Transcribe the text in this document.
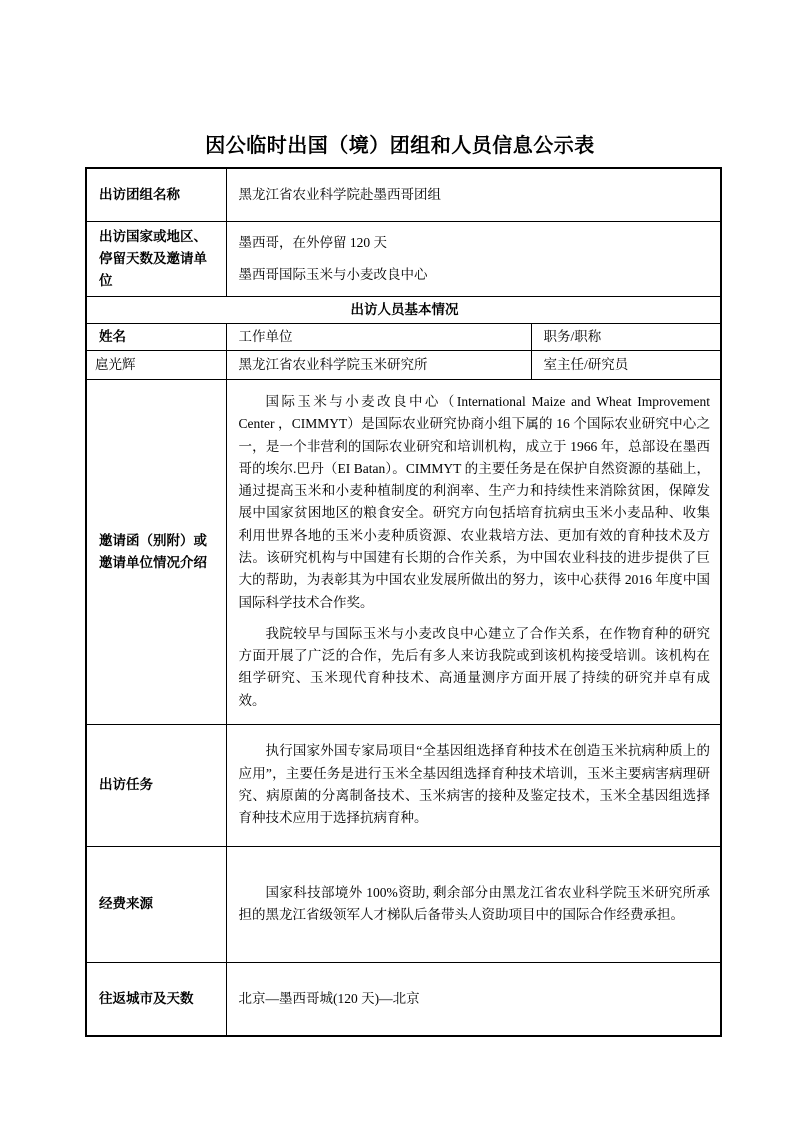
因公临时出国（境）团组和人员信息公示表
出访团组名称	黑龙江省农业科学院赴墨西哥团组	
出访国家或地区、停留天数及邀请单位	墨西哥，在外停留 120 天
墨西哥国际玉米与小麦改良中心	

出访人员基本情况		
姓名	工作单位	职务/职称
扈光辉	黑龙江省农业科学院玉米研究所	室主任/研究员
邀请函（别附）或邀请单位情况介绍	国际玉米与小麦改良中心（International Maize and Wheat Improvement Center ，CIMMYT）是国际农业研究协商小组下属的 16 个国际农业研究中心之一，是一个非营利的国际农业研究和培训机构，成立于 1966 年，总部设在墨西哥的埃尔.巴丹（EI Batan）。CIMMYT 的主要任务是在保护自然资源的基础上，通过提高玉米和小麦种植制度的利润率、生产力和持续性来消除贫困，保障发展中国家贫困地区的粮食安全。研究方向包括培育抗病虫玉米小麦品种、收集利用世界各地的玉米小麦种质资源、农业栽培方法、更加有效的育种技术及方法。该研究机构与中国建有长期的合作关系，为中国农业科技的进步提供了巨大的帮助，为表彰其为中国农业发展所做出的努力，该中心获得 2016 年度中国国际科学技术合作奖。

我院较早与国际玉米与小麦改良中心建立了合作关系，在作物育种的研究方面开展了广泛的合作，先后有多人来访我院或到该机构接受培训。该机构在组学研究、玉米现代育种技术、高通量测序方面开展了持续的研究并卓有成效。	

出访任务	执行国家外国专家局项目“全基因组选择育种技术在创造玉米抗病种质上的应用”，主要任务是进行玉米全基因组选择育种技术培训，玉米主要病害病理研究、病原菌的分离制备技术、玉米病害的接种及鉴定技术，玉米全基因组选择育种技术应用于选择抗病育种。	

经费来源	国家科技部境外 100%资助, 剩余部分由黑龙江省农业科学院玉米研究所承担的黑龙江省级领军人才梯队后备带头人资助项目中的国际合作经费承担。	

往返城市及天数	北京—墨西哥城(120 天)—北京	
